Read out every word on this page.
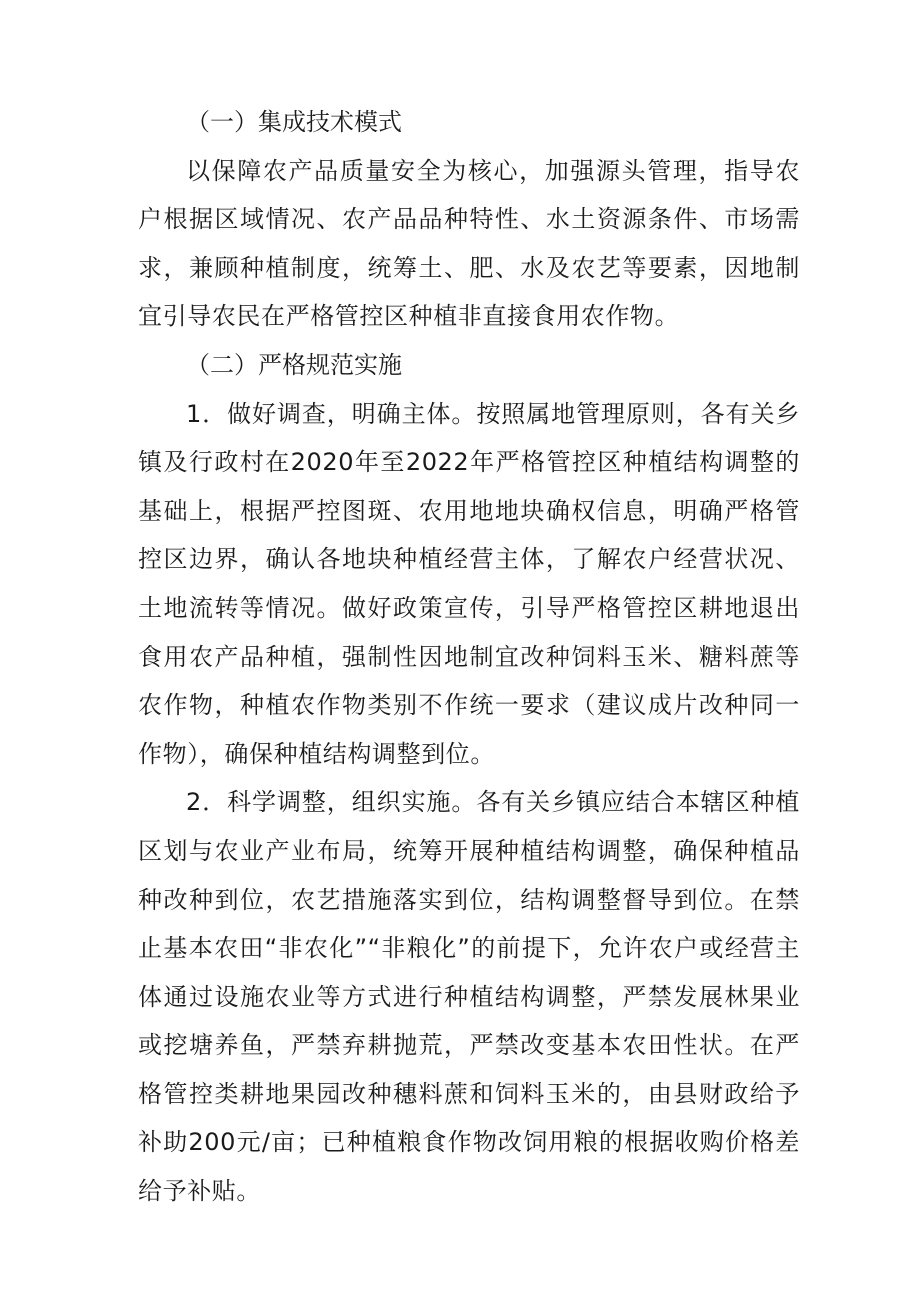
（一）集成技术模式

以保障农产品质量安全为核心，加强源头管理，指导农户根据区域情况、农产品品种特性、水土资源条件、市场需求，兼顾种植制度，统筹土、肥、水及农艺等要素，因地制宜引导农民在严格管控区种植非直接食用农作物。

（二）严格规范实施

1．做好调查，明确主体。按照属地管理原则，各有关乡镇及行政村在2020年至2022年严格管控区种植结构调整的基础上，根据严控图斑、农用地地块确权信息，明确严格管控区边界，确认各地块种植经营主体，了解农户经营状况、土地流转等情况。做好政策宣传，引导严格管控区耕地退出食用农产品种植，强制性因地制宜改种饲料玉米、糖料蔗等农作物，种植农作物类别不作统一要求（建议成片改种同一作物），确保种植结构调整到位。

2．科学调整，组织实施。各有关乡镇应结合本辖区种植区划与农业产业布局，统筹开展种植结构调整，确保种植品种改种到位，农艺措施落实到位，结构调整督导到位。在禁止基本农田“非农化”“非粮化”的前提下，允许农户或经营主体通过设施农业等方式进行种植结构调整，严禁发展林果业或挖塘养鱼，严禁弃耕抛荒，严禁改变基本农田性状。在严格管控类耕地果园改种穗料蔗和饲料玉米的，由县财政给予补助200元/亩；已种植粮食作物改饲用粮的根据收购价格差给予补贴。
